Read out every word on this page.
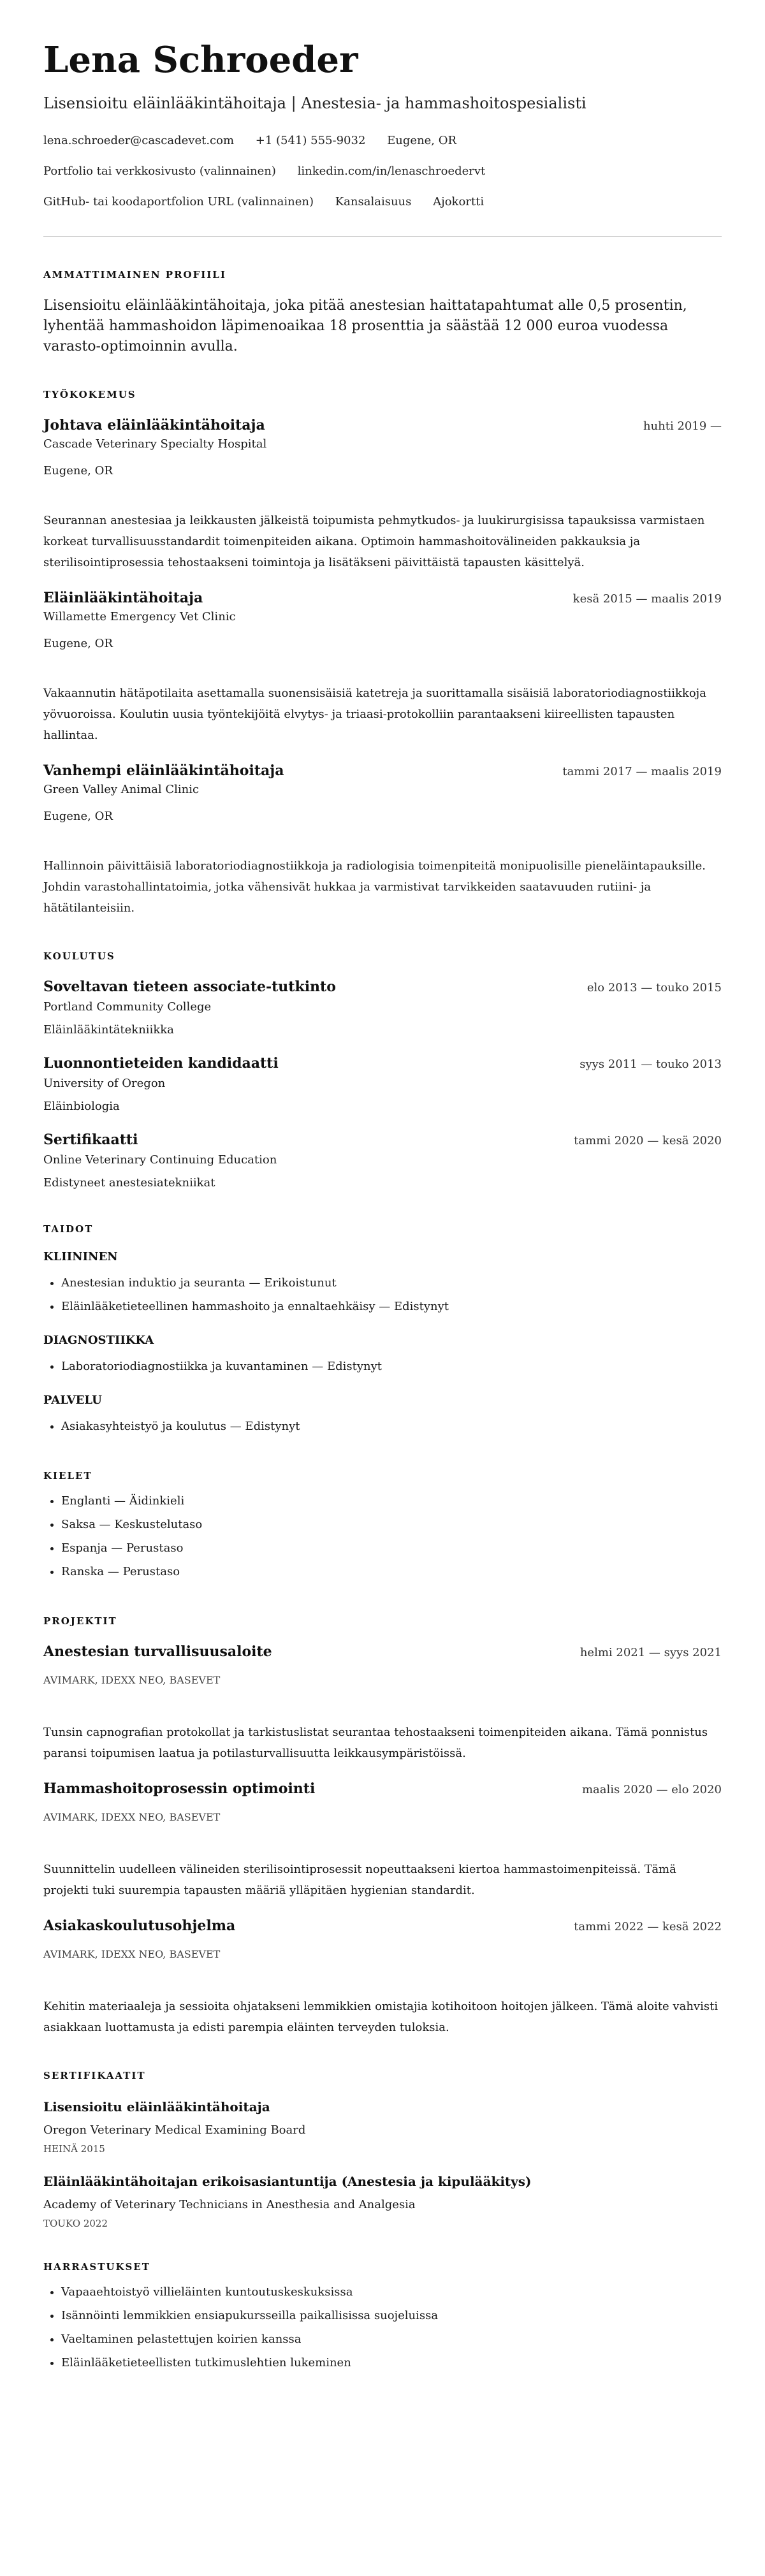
Lena Schroeder
Lisensioitu eläinlääkintähoitaja | Anestesia- ja hammashoitospesialisti
lena.schroeder@cascadevet.com +1 (541) 555-9032 Eugene, OR
Portfolio tai verkkosivusto (valinnainen) linkedin.com/in/lenaschroedervt
GitHub- tai koodaportfolion URL (valinnainen) Kansalaisuus Ajokortti
AMMATTIMAINEN PROFIILI
Lisensioitu eläinlääkintähoitaja, joka pitää anestesian haittatapahtumat alle 0,5 prosentin, lyhentää hammashoidon läpimenoaikaa 18 prosenttia ja säästää 12 000 euroa vuodessa varasto-optimoinnin avulla.
TYÖKOKEMUS
Johtava eläinlääkintähoitaja	huhti 2019 —
Cascade Veterinary Specialty Hospital
Eugene, OR
Seurannan anestesiaa ja leikkausten jälkeistä toipumista pehmytkudos- ja luukirurgisissa tapauksissa varmistaen korkeat turvallisuusstandardit toimenpiteiden aikana. Optimoin hammashoitovälineiden pakkauksia ja sterilisointiprosessia tehostaakseni toimintoja ja lisätäkseni päivittäistä tapausten käsittelyä.
Eläinlääkintähoitaja	kesä 2015 — maalis 2019
Willamette Emergency Vet Clinic
Eugene, OR
Vakaannutin hätäpotilaita asettamalla suonensisäisiä katetreja ja suorittamalla sisäisiä laboratoriodiagnostiikkoja yövuoroissa. Koulutin uusia työntekijöitä elvytys- ja triaasi-protokolliin parantaakseni kiireellisten tapausten hallintaa.
Vanhempi eläinlääkintähoitaja	tammi 2017 — maalis 2019
Green Valley Animal Clinic
Eugene, OR
Hallinnoin päivittäisiä laboratoriodiagnostiikkoja ja radiologisia toimenpiteitä monipuolisille pieneläintapauksille. Johdin varastohallintatoimia, jotka vähensivät hukkaa ja varmistivat tarvikkeiden saatavuuden rutiini- ja hätätilanteisiin.
KOULUTUS
Soveltavan tieteen associate-tutkinto	elo 2013 — touko 2015
Portland Community College
Eläinlääkintätekniikka
Luonnontieteiden kandidaatti	syys 2011 — touko 2013
University of Oregon
Eläinbiologia
Sertifikaatti	tammi 2020 — kesä 2020
Online Veterinary Continuing Education
Edistyneet anestesiatekniikat
TAIDOT
KLIININEN
• Anestesian induktio ja seuranta — Erikoistunut
• Eläinlääketieteellinen hammashoito ja ennaltaehkäisy — Edistynyt
DIAGNOSTIIKKA
• Laboratoriodiagnostiikka ja kuvantaminen — Edistynyt
PALVELU
• Asiakasyhteistyö ja koulutus — Edistynyt
KIELET
• Englanti — Äidinkieli
• Saksa — Keskustelutaso
• Espanja — Perustaso
• Ranska — Perustaso
PROJEKTIT
Anestesian turvallisuusaloite	helmi 2021 — syys 2021
AVIMARK, IDEXX NEO, BASEVET
Tunsin capnografian protokollat ja tarkistuslistat seurantaa tehostaakseni toimenpiteiden aikana. Tämä ponnistus paransi toipumisen laatua ja potilasturvallisuutta leikkausympäristöissä.
Hammashoitoprosessin optimointi	maalis 2020 — elo 2020
AVIMARK, IDEXX NEO, BASEVET
Suunnittelin uudelleen välineiden sterilisointiprosessit nopeuttaakseni kiertoa hammastoimenpiteissä. Tämä projekti tuki suurempia tapausten määriä ylläpitäen hygienian standardit.
Asiakaskoulutusohjelma	tammi 2022 — kesä 2022
AVIMARK, IDEXX NEO, BASEVET
Kehitin materiaaleja ja sessioita ohjatakseni lemmikkien omistajia kotihoitoon hoitojen jälkeen. Tämä aloite vahvisti asiakkaan luottamusta ja edisti parempia eläinten terveyden tuloksia.
SERTIFIKAATIT
Lisensioitu eläinlääkintähoitaja
Oregon Veterinary Medical Examining Board
HEINÄ 2015
Eläinlääkintähoitajan erikoisasiantuntija (Anestesia ja kipulääkitys)
Academy of Veterinary Technicians in Anesthesia and Analgesia
TOUKO 2022
HARRASTUKSET
• Vapaaehtoistyö villieläinten kuntoutuskeskuksissa
• Isännöinti lemmikkien ensiapukursseilla paikallisissa suojeluissa
• Vaeltaminen pelastettujen koirien kanssa
• Eläinlääketieteellisten tutkimuslehtien lukeminen
